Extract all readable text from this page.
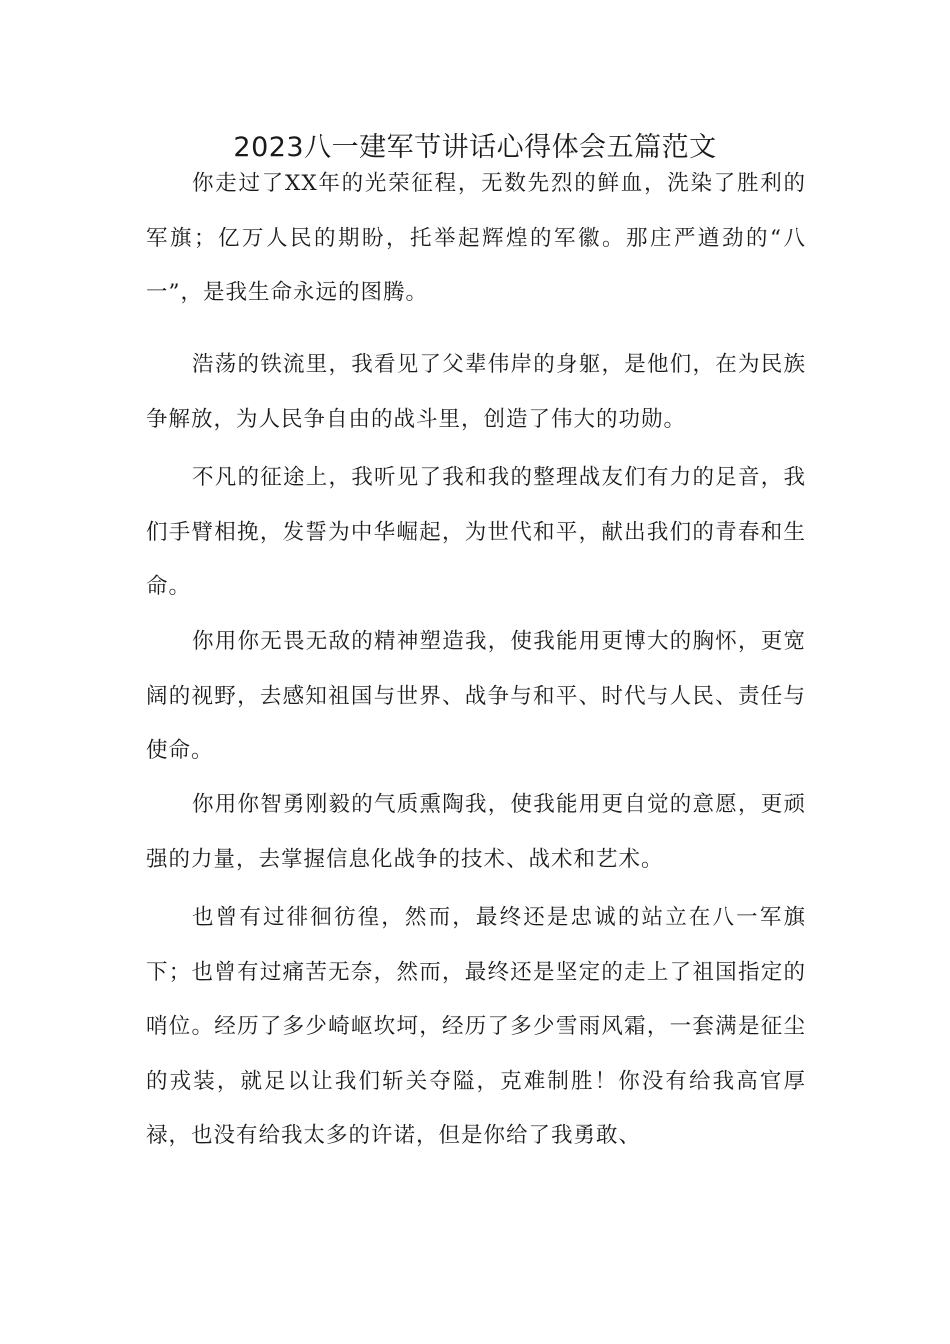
2023八一建军节讲话心得体会五篇范文

你走过了XX年的光荣征程，无数先烈的鲜血，洗染了胜利的军旗；亿万人民的期盼，托举起辉煌的军徽。那庄严遒劲的“八一”，是我生命永远的图腾。

浩荡的铁流里，我看见了父辈伟岸的身躯，是他们，在为民族争解放，为人民争自由的战斗里，创造了伟大的功勋。

不凡的征途上，我听见了我和我的整理战友们有力的足音，我们手臂相挽，发誓为中华崛起，为世代和平，献出我们的青春和生命。

你用你无畏无敌的精神塑造我，使我能用更博大的胸怀，更宽阔的视野，去感知祖国与世界、战争与和平、时代与人民、责任与使命。

你用你智勇刚毅的气质熏陶我，使我能用更自觉的意愿，更顽强的力量，去掌握信息化战争的技术、战术和艺术。

也曾有过徘徊彷徨，然而，最终还是忠诚的站立在八一军旗下；也曾有过痛苦无奈，然而，最终还是坚定的走上了祖国指定的哨位。经历了多少崎岖坎坷，经历了多少雪雨风霜，一套满是征尘的戎装，就足以让我们斩关夺隘，克难制胜！你没有给我高官厚禄，也没有给我太多的许诺，但是你给了我勇敢、
